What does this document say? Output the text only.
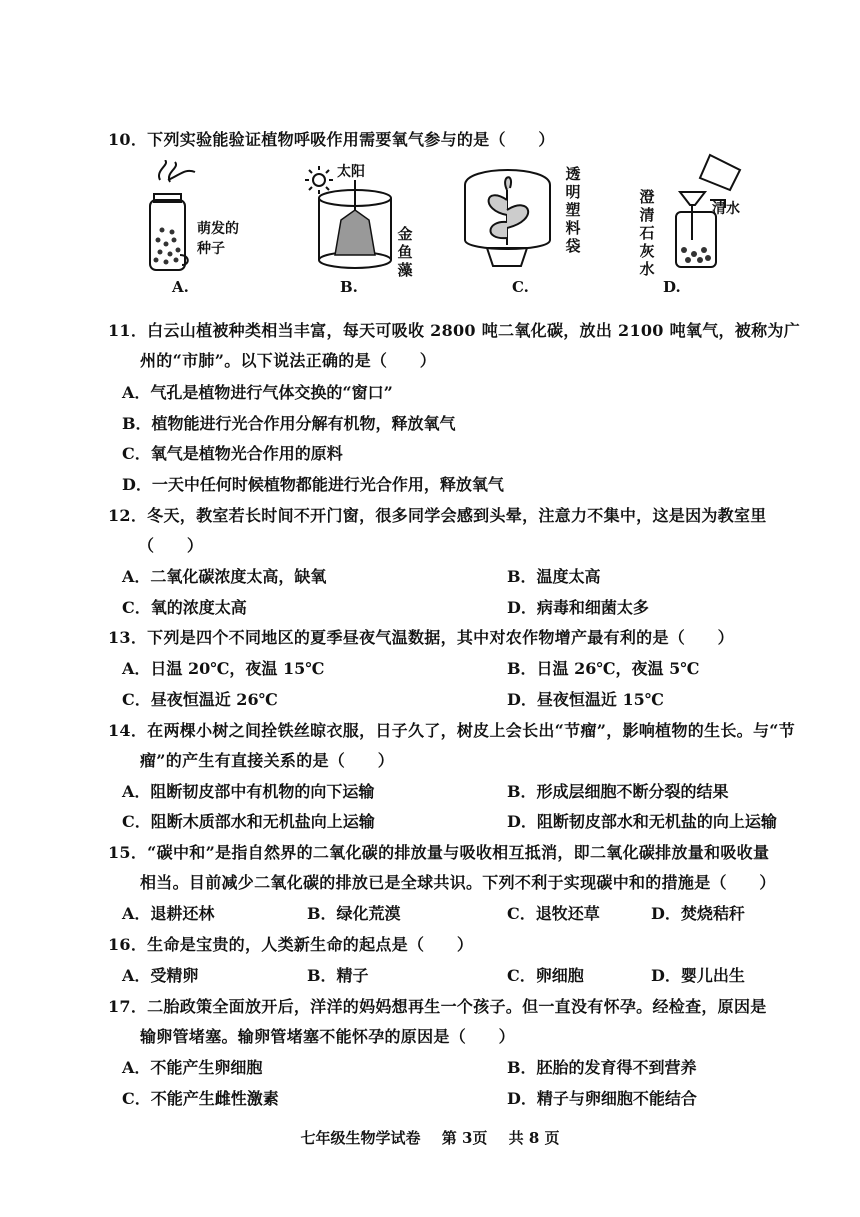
10．下列实验能验证植物呼吸作用需要氧气参与的是（　　）
萌发的
种子
A.
太阳
金鱼藻
B.
透明塑料袋
C.
澄清石灰水
清水
D.
11．白云山植被种类相当丰富，每天可吸收 2800 吨二氧化碳，放出 2100 吨氧气，被称为广
州的“市肺”。以下说法正确的是（　　）
A．气孔是植物进行气体交换的“窗口”
B．植物能进行光合作用分解有机物，释放氧气
C．氧气是植物光合作用的原料
D．一天中任何时候植物都能进行光合作用，释放氧气
12．冬天，教室若长时间不开门窗，很多同学会感到头晕，注意力不集中，这是因为教室里
（　　）
A．二氧化碳浓度太高，缺氧	B．温度太高
C．氧的浓度太高	D．病毒和细菌太多
13．下列是四个不同地区的夏季昼夜气温数据，其中对农作物增产最有利的是（　　）
A．日温 20℃，夜温 15℃	B．日温 26℃，夜温 5℃
C．昼夜恒温近 26℃	D．昼夜恒温近 15℃
14．在两棵小树之间拴铁丝晾衣服，日子久了，树皮上会长出“节瘤”，影响植物的生长。与“节
瘤”的产生有直接关系的是（　　）
A．阻断韧皮部中有机物的向下运输	B．形成层细胞不断分裂的结果
C．阻断木质部水和无机盐向上运输	D．阻断韧皮部水和无机盐的向上运输
15．“碳中和”是指自然界的二氧化碳的排放量与吸收相互抵消，即二氧化碳排放量和吸收量
相当。目前减少二氧化碳的排放已是全球共识。下列不利于实现碳中和的措施是（　　）
A．退耕还林	B．绿化荒漠	C．退牧还草	D．焚烧秸秆
16．生命是宝贵的，人类新生命的起点是（　　）
A．受精卵	B．精子	C．卵细胞	D．婴儿出生
17．二胎政策全面放开后，洋洋的妈妈想再生一个孩子。但一直没有怀孕。经检查，原因是
输卵管堵塞。输卵管堵塞不能怀孕的原因是（　　）
A．不能产生卵细胞	B．胚胎的发育得不到营养
C．不能产生雌性激素	D．精子与卵细胞不能结合
七年级生物学试卷 第 3页 共 8 页
